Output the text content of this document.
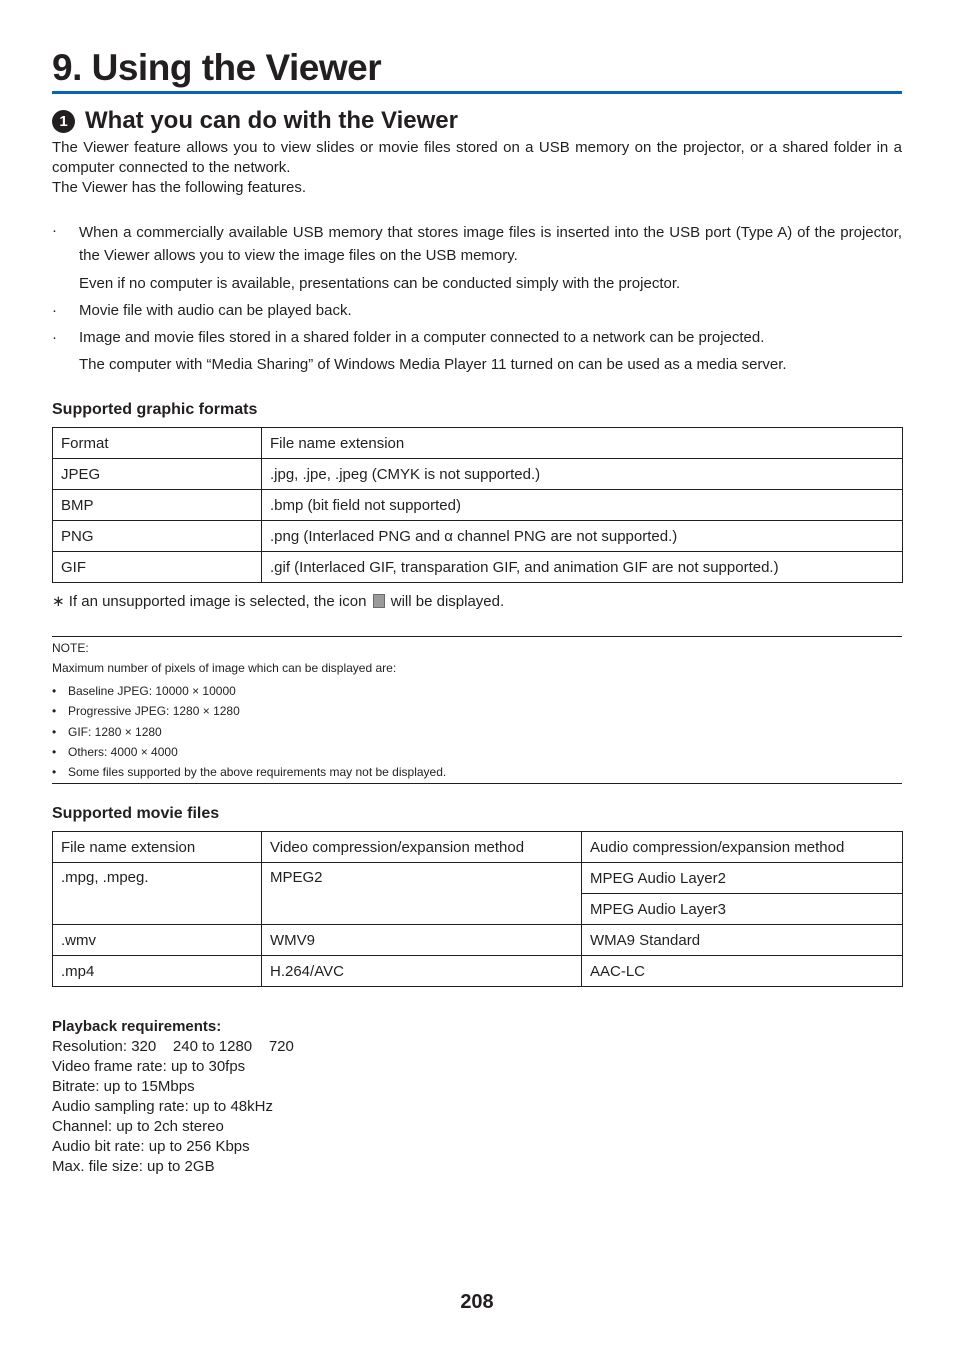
9. Using the Viewer
1 What you can do with the Viewer

The Viewer feature allows you to view slides or movie files stored on a USB memory on the projector, or a shared folder in a computer connected to the network.

The Viewer has the following features.

· When a commercially available USB memory that stores image files is inserted into the USB port (Type A) of the projector, the Viewer allows you to view the image files on the USB memory.

Even if no computer is available, presentations can be conducted simply with the projector.

· Movie file with audio can be played back.

· Image and movie files stored in a shared folder in a computer connected to a network can be projected.

The computer with “Media Sharing” of Windows Media Player 11 turned on can be used as a media server.

Supported graphic formats
Format	File name extension
JPEG	.jpg, .jpe, .jpeg (CMYK is not supported.)
BMP	.bmp (bit field not supported)
PNG	.png (Interlaced PNG and α channel PNG are not supported.)
GIF	.gif (Interlaced GIF, transparation GIF, and animation GIF are not supported.)

∗ If an unsupported image is selected, the icon will be displayed.

NOTE:
Maximum number of pixels of image which can be displayed are:
• Baseline JPEG: 10000 × 10000
• Progressive JPEG: 1280 × 1280
• GIF: 1280 × 1280
• Others: 4000 × 4000
• Some files supported by the above requirements may not be displayed.
Supported movie files
File name extension	Video compression/expansion method	Audio compression/expansion method
.mpg, .mpeg.	MPEG2	MPEG Audio Layer2
		MPEG Audio Layer3
.wmv	WMV9	WMA9 Standard
.mp4	H.264/AVC	AAC-LC
Playback requirements:
Resolution: 320    240 to 1280    720
Video frame rate: up to 30fps
Bitrate: up to 15Mbps
Audio sampling rate: up to 48kHz
Channel: up to 2ch stereo
Audio bit rate: up to 256 Kbps
Max. file size: up to 2GB

208
